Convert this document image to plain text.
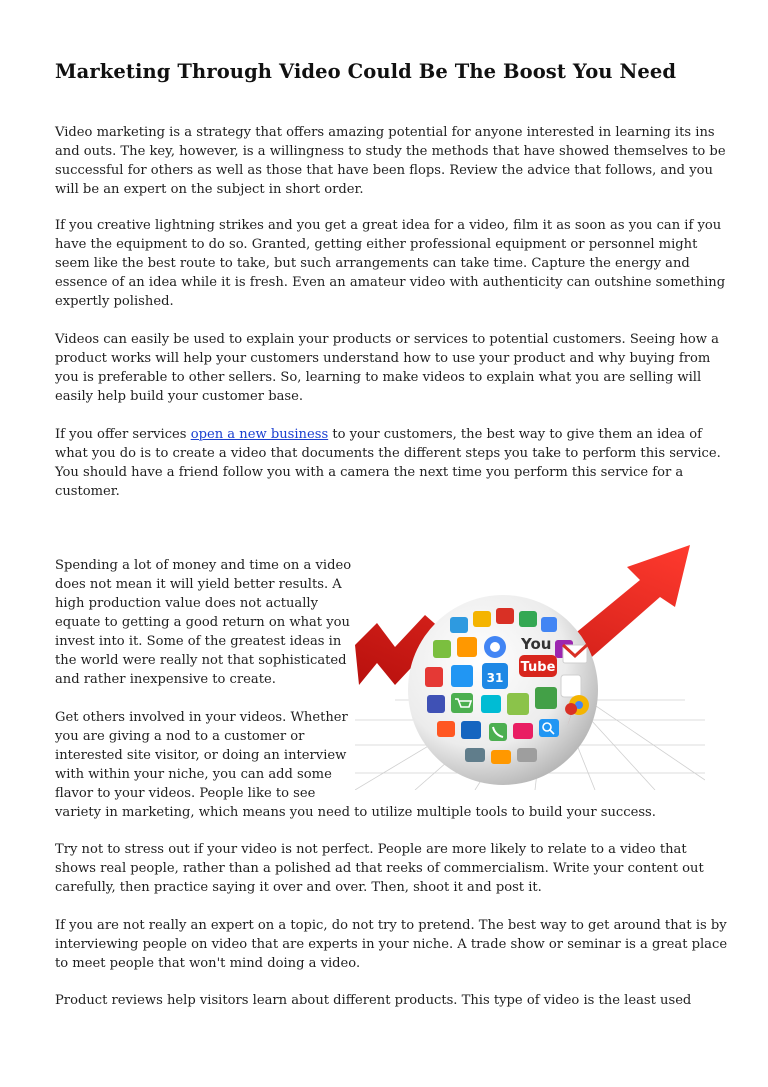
Marketing Through Video Could Be The Boost You Need

Video marketing is a strategy that offers amazing potential for anyone interested in learning its ins
and outs. The key, however, is a willingness to study the methods that have showed themselves to be
successful for others as well as those that have been flops. Review the advice that follows, and you
will be an expert on the subject in short order.

If you creative lightning strikes and you get a great idea for a video, film it as soon as you can if you
have the equipment to do so. Granted, getting either professional equipment or personnel might
seem like the best route to take, but such arrangements can take time. Capture the energy and
essence of an idea while it is fresh. Even an amateur video with authenticity can outshine something
expertly polished.

Videos can easily be used to explain your products or services to potential customers. Seeing how a
product works will help your customers understand how to use your product and why buying from
you is preferable to other sellers. So, learning to make videos to explain what you are selling will
easily help build your customer base.

If you offer services open a new business to your customers, the best way to give them an idea of
what you do is to create a video that documents the different steps you take to perform this service.
You should have a friend follow you with a camera the next time you perform this service for a
customer.

Spending a lot of money and time on a video
does not mean it will yield better results. A
high production value does not actually
equate to getting a good return on what you
invest into it. Some of the greatest ideas in
the world were really not that sophisticated
and rather inexpensive to create.

Get others involved in your videos. Whether
you are giving a nod to a customer or
interested site visitor, or doing an interview
with within your niche, you can add some
flavor to your videos. People like to see
variety in marketing, which means you need to utilize multiple tools to build your success.

Try not to stress out if your video is not perfect. People are more likely to relate to a video that
shows real people, rather than a polished ad that reeks of commercialism. Write your content out
carefully, then practice saying it over and over. Then, shoot it and post it.

If you are not really an expert on a topic, do not try to pretend. The best way to get around that is by
interviewing people on video that are experts in your niche. A trade show or seminar is a great place
to meet people that won't mind doing a video.

Product reviews help visitors learn about different products. This type of video is the least used

31
You
Tube
